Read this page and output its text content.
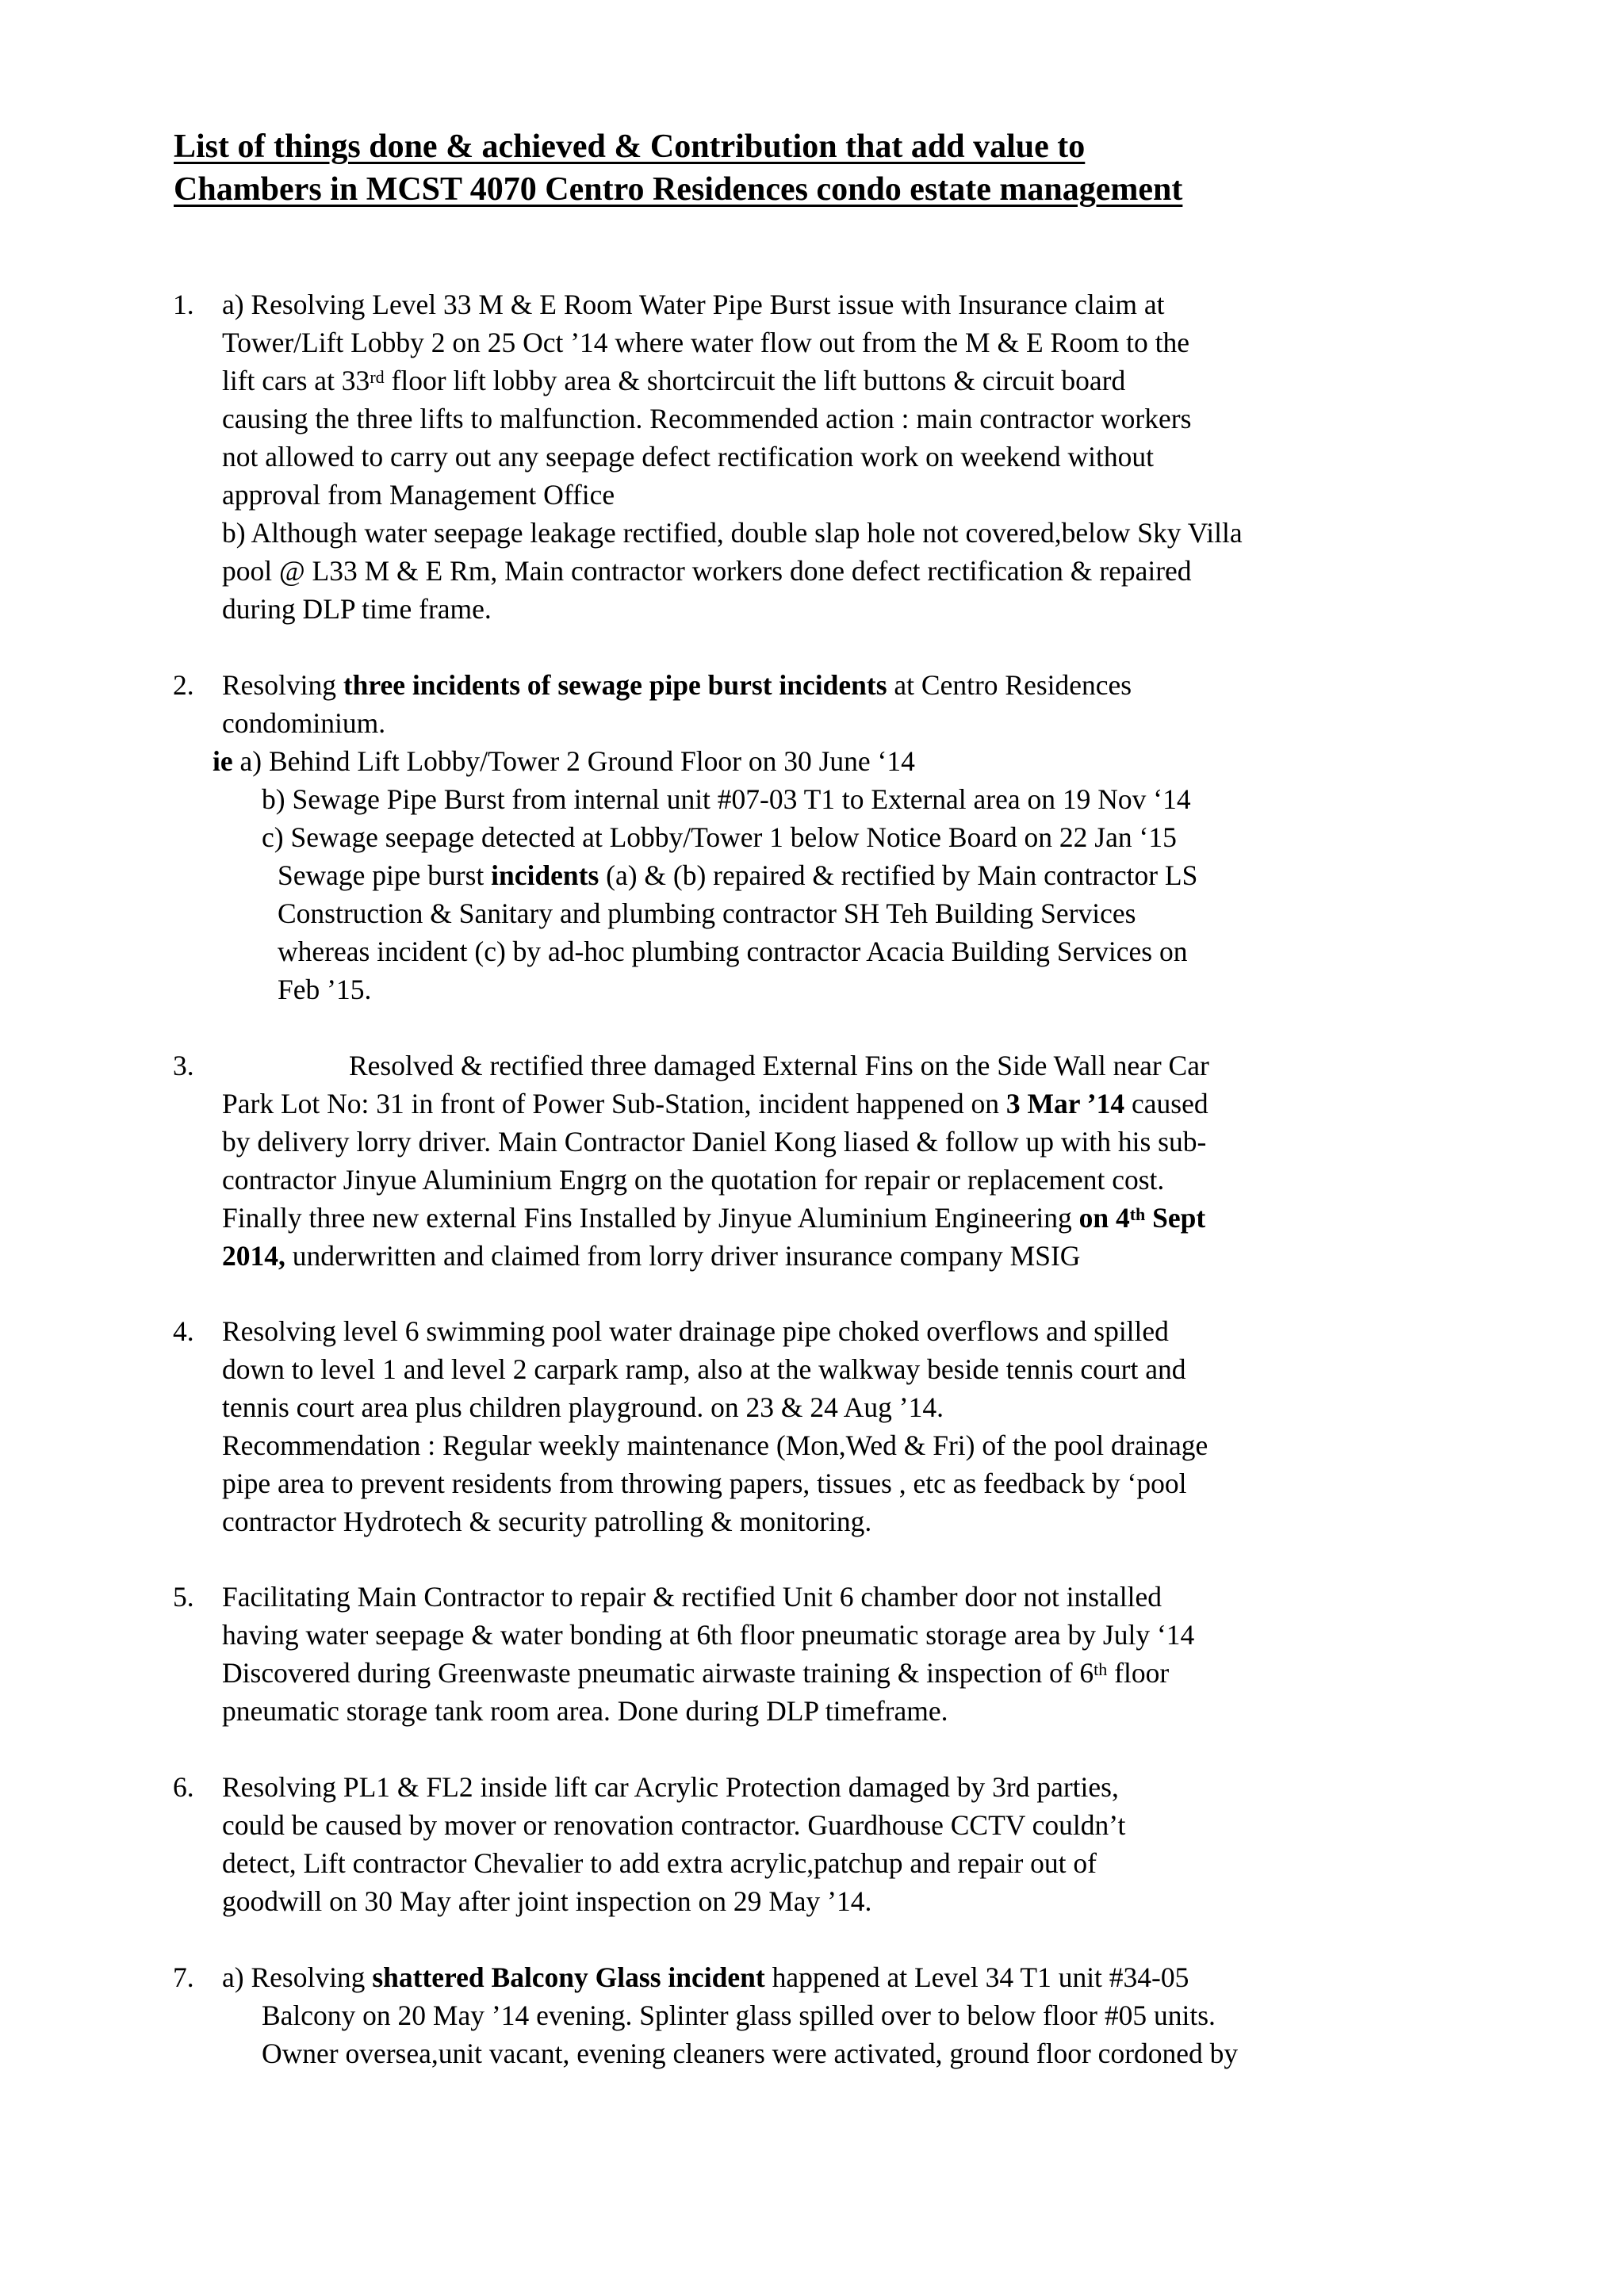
List of things done & achieved & Contribution that add value to
Chambers in MCST 4070 Centro Residences condo estate management
1. a) Resolving Level 33 M & E Room Water Pipe Burst issue with Insurance claim at
Tower/Lift Lobby 2 on 25 Oct ’14 where water flow out from the M & E Room to the
lift cars at 33rd floor lift lobby area & shortcircuit the lift buttons & circuit board
causing the three lifts to malfunction. Recommended action : main contractor workers
not allowed to carry out any seepage defect rectification work on weekend without
approval from Management Office
b) Although water seepage leakage rectified, double slap hole not covered,below Sky Villa
pool @ L33 M & E Rm, Main contractor workers done defect rectification & repaired
during DLP time frame.
2. Resolving three incidents of sewage pipe burst incidents at Centro Residences
condominium.
ie a) Behind Lift Lobby/Tower 2 Ground Floor on 30 June ‘14
b) Sewage Pipe Burst from internal unit #07-03 T1 to External area on 19 Nov ‘14
c) Sewage seepage detected at Lobby/Tower 1 below Notice Board on 22 Jan ‘15
Sewage pipe burst incidents (a) & (b) repaired & rectified by Main contractor LS
Construction & Sanitary and plumbing contractor SH Teh Building Services
whereas incident (c) by ad-hoc plumbing contractor Acacia Building Services on
Feb ’15.
3.	Resolved & rectified three damaged External Fins on the Side Wall near Car
Park Lot No: 31 in front of Power Sub-Station, incident happened on 3 Mar ’14 caused
by delivery lorry driver. Main Contractor Daniel Kong liased & follow up with his sub-
contractor Jinyue Aluminium Engrg on the quotation for repair or replacement cost.
Finally three new external Fins Installed by Jinyue Aluminium Engineering on 4th Sept
2014, underwritten and claimed from lorry driver insurance company MSIG
4. Resolving level 6 swimming pool water drainage pipe choked overflows and spilled
down to level 1 and level 2 carpark ramp, also at the walkway beside tennis court and
tennis court area plus children playground. on 23 & 24 Aug ’14.
Recommendation : Regular weekly maintenance (Mon,Wed & Fri) of the pool drainage
pipe area to prevent residents from throwing papers, tissues , etc as feedback by ‘pool
contractor Hydrotech & security patrolling & monitoring.
5. Facilitating Main Contractor to repair & rectified Unit 6 chamber door not installed
having water seepage & water bonding at 6th floor pneumatic storage area by July ‘14
Discovered during Greenwaste pneumatic airwaste training & inspection of 6th floor
pneumatic storage tank room area. Done during DLP timeframe.
6. Resolving PL1 & FL2 inside lift car Acrylic Protection damaged by 3rd parties,
could be caused by mover or renovation contractor. Guardhouse CCTV couldn’t
detect, Lift contractor Chevalier to add extra acrylic,patchup and repair out of
goodwill on 30 May after joint inspection on 29 May ’14.
7. a) Resolving shattered Balcony Glass incident happened at Level 34 T1 unit #34-05
Balcony on 20 May ’14 evening. Splinter glass spilled over to below floor #05 units.
Owner oversea,unit vacant, evening cleaners were activated, ground floor cordoned by
